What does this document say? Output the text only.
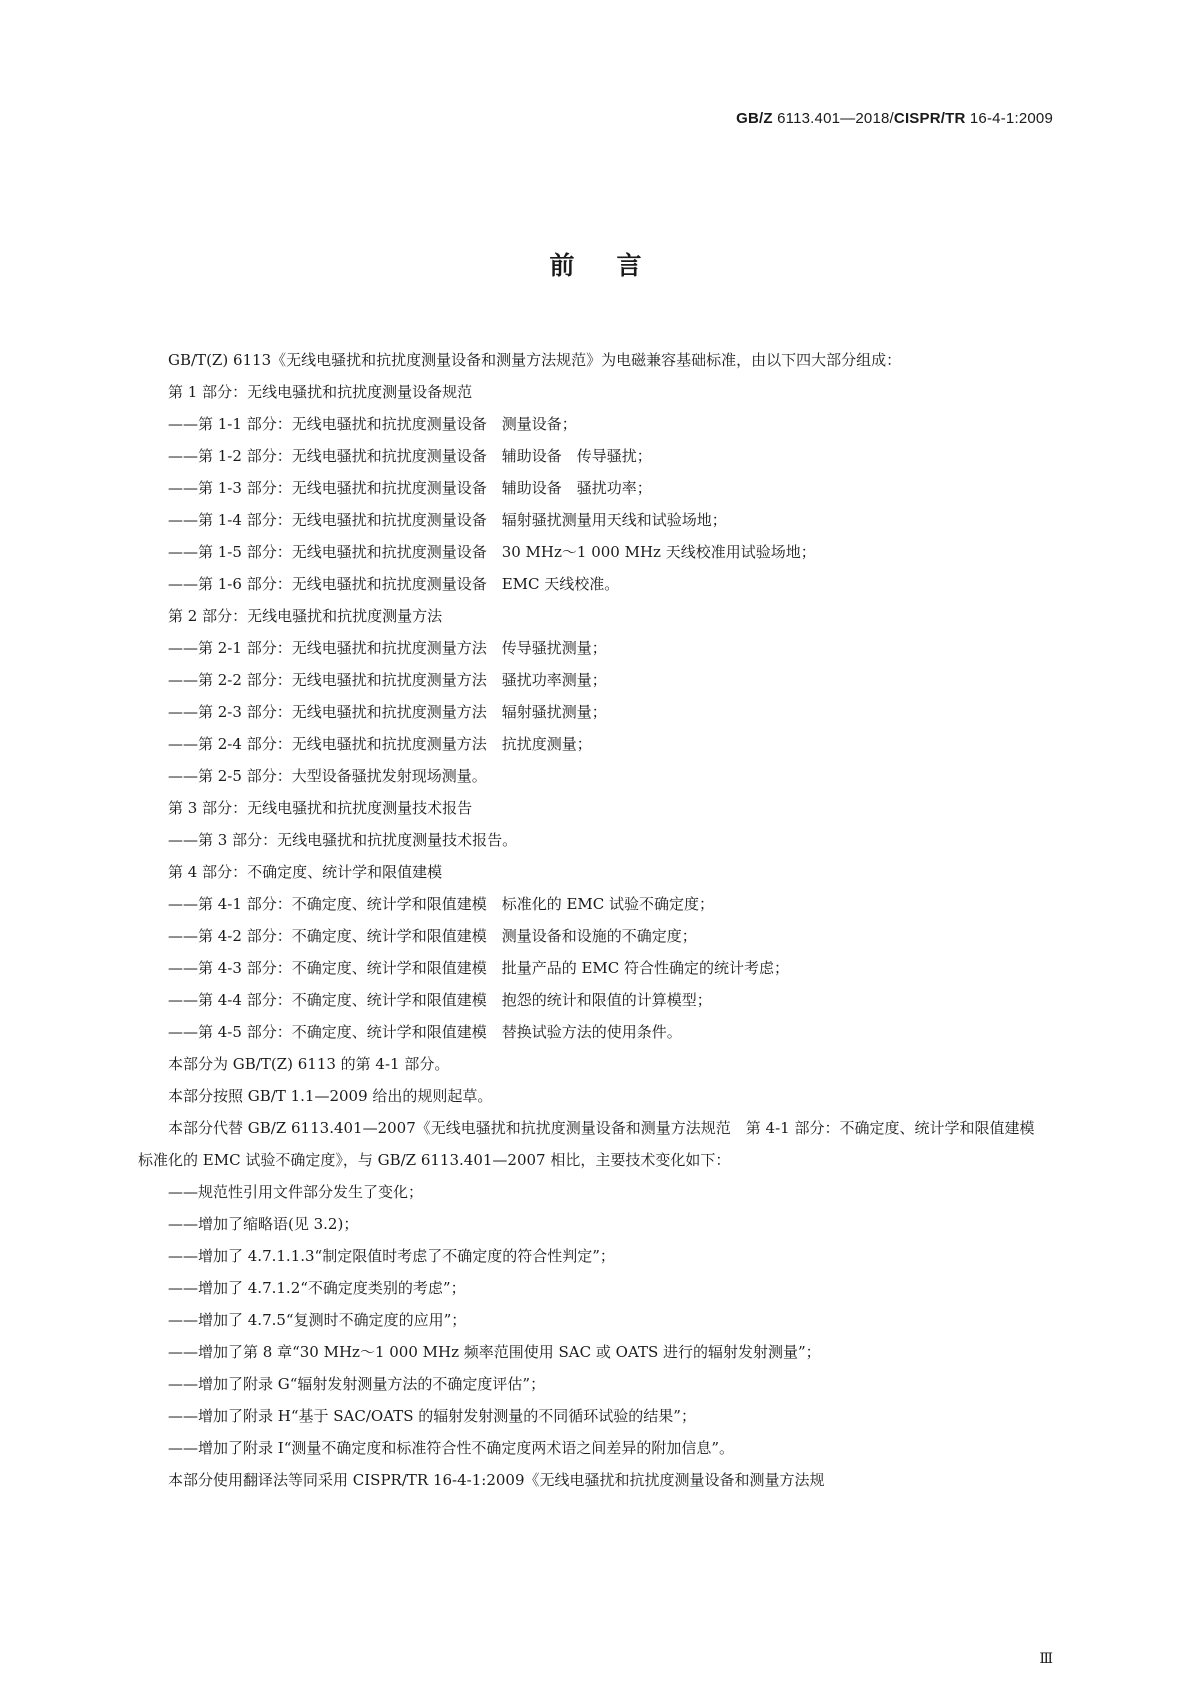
GB/Z 6113.401—2018/CISPR/TR 16-4-1:2009
前言

GB/T(Z) 6113《无线电骚扰和抗扰度测量设备和测量方法规范》为电磁兼容基础标准，由以下四大部分组成：

第 1 部分：无线电骚扰和抗扰度测量设备规范
——第 1-1 部分：无线电骚扰和抗扰度测量设备　测量设备；
——第 1-2 部分：无线电骚扰和抗扰度测量设备　辅助设备　传导骚扰；
——第 1-3 部分：无线电骚扰和抗扰度测量设备　辅助设备　骚扰功率；
——第 1-4 部分：无线电骚扰和抗扰度测量设备　辐射骚扰测量用天线和试验场地；
——第 1-5 部分：无线电骚扰和抗扰度测量设备　30 MHz～1 000 MHz 天线校准用试验场地；
——第 1-6 部分：无线电骚扰和抗扰度测量设备　EMC 天线校准。
第 2 部分：无线电骚扰和抗扰度测量方法
——第 2-1 部分：无线电骚扰和抗扰度测量方法　传导骚扰测量；
——第 2-2 部分：无线电骚扰和抗扰度测量方法　骚扰功率测量；
——第 2-3 部分：无线电骚扰和抗扰度测量方法　辐射骚扰测量；
——第 2-4 部分：无线电骚扰和抗扰度测量方法　抗扰度测量；
——第 2-5 部分：大型设备骚扰发射现场测量。
第 3 部分：无线电骚扰和抗扰度测量技术报告
——第 3 部分：无线电骚扰和抗扰度测量技术报告。
第 4 部分：不确定度、统计学和限值建模
——第 4-1 部分：不确定度、统计学和限值建模　标准化的 EMC 试验不确定度；
——第 4-2 部分：不确定度、统计学和限值建模　测量设备和设施的不确定度；
——第 4-3 部分：不确定度、统计学和限值建模　批量产品的 EMC 符合性确定的统计考虑；
——第 4-4 部分：不确定度、统计学和限值建模　抱怨的统计和限值的计算模型；
——第 4-5 部分：不确定度、统计学和限值建模　替换试验方法的使用条件。
本部分为 GB/T(Z) 6113 的第 4-1 部分。
本部分按照 GB/T 1.1—2009 给出的规则起草。

本部分代替 GB/Z 6113.401—2007《无线电骚扰和抗扰度测量设备和测量方法规范　第 4-1 部分：不确定度、统计学和限值建模　标准化的 EMC 试验不确定度》，与 GB/Z 6113.401—2007 相比，主要技术变化如下：

——规范性引用文件部分发生了变化；
——增加了缩略语(见 3.2)；
——增加了 4.7.1.1.3“制定限值时考虑了不确定度的符合性判定”；
——增加了 4.7.1.2“不确定度类别的考虑”；
——增加了 4.7.5“复测时不确定度的应用”；
——增加了第 8 章“30 MHz～1 000 MHz 频率范围使用 SAC 或 OATS 进行的辐射发射测量”；
——增加了附录 G“辐射发射测量方法的不确定度评估”；
——增加了附录 H“基于 SAC/OATS 的辐射发射测量的不同循环试验的结果”；
——增加了附录 I“测量不确定度和标准符合性不确定度两术语之间差异的附加信息”。
本部分使用翻译法等同采用 CISPR/TR 16-4-1:2009《无线电骚扰和抗扰度测量设备和测量方法规
Ⅲ
